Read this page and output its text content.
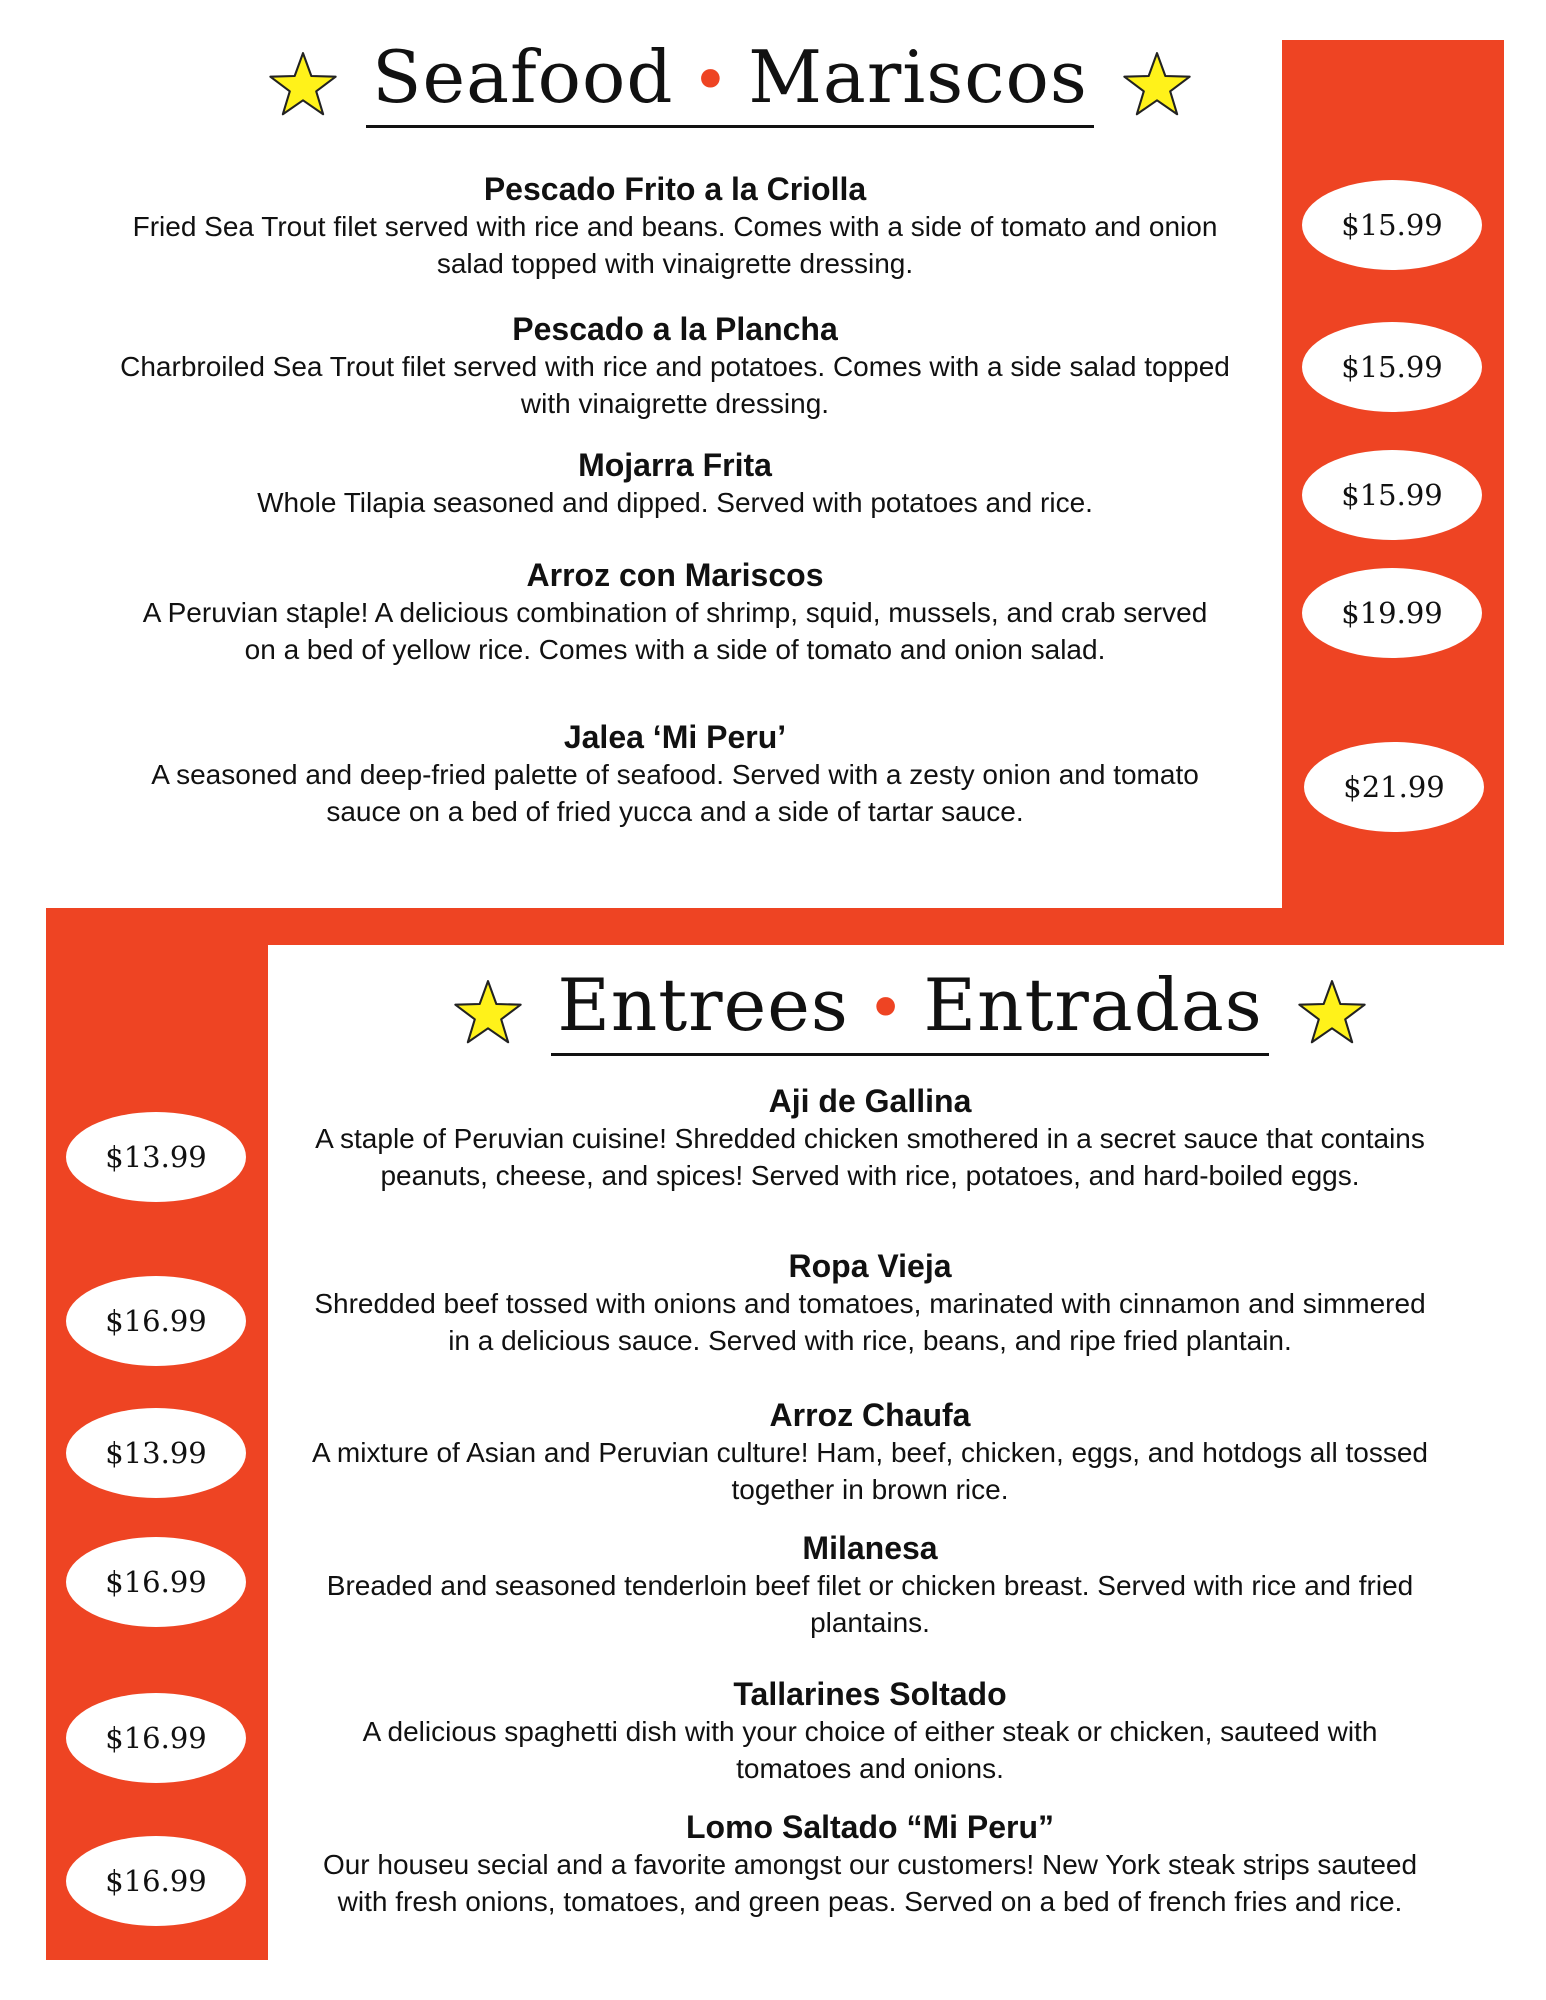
Seafood • Mariscos
Pescado Frito a la Criolla
Fried Sea Trout filet served with rice and beans. Comes with a side of tomato and onion salad topped with vinaigrette dressing.
Pescado a la Plancha
Charbroiled Sea Trout filet served with rice and potatoes. Comes with a side salad topped with vinaigrette dressing.
Mojarra Frita
Whole Tilapia seasoned and dipped. Served with potatoes and rice.
Arroz con Mariscos
A Peruvian staple! A delicious combination of shrimp, squid, mussels, and crab served on a bed of yellow rice. Comes with a side of tomato and onion salad.
Jalea ‘Mi Peru’
A seasoned and deep-fried palette of seafood. Served with a zesty onion and tomato sauce on a bed of fried yucca and a side of tartar sauce.
$15.99
$15.99
$15.99
$19.99
$21.99
Entrees • Entradas
Aji de Gallina
A staple of Peruvian cuisine! Shredded chicken smothered in a secret sauce that contains peanuts, cheese, and spices! Served with rice, potatoes, and hard-boiled eggs.
Ropa Vieja
Shredded beef tossed with onions and tomatoes, marinated with cinnamon and simmered in a delicious sauce. Served with rice, beans, and ripe fried plantain.
Arroz Chaufa
A mixture of Asian and Peruvian culture! Ham, beef, chicken, eggs, and hotdogs all tossed together in brown rice.
Milanesa
Breaded and seasoned tenderloin beef filet or chicken breast. Served with rice and fried plantains.
Tallarines Soltado
A delicious spaghetti dish with your choice of either steak or chicken, sauteed with tomatoes and onions.
Lomo Saltado “Mi Peru”
Our houseu secial and a favorite amongst our customers! New York steak strips sauteed with fresh onions, tomatoes, and green peas. Served on a bed of french fries and rice.
$13.99
$16.99
$13.99
$16.99
$16.99
$16.99
